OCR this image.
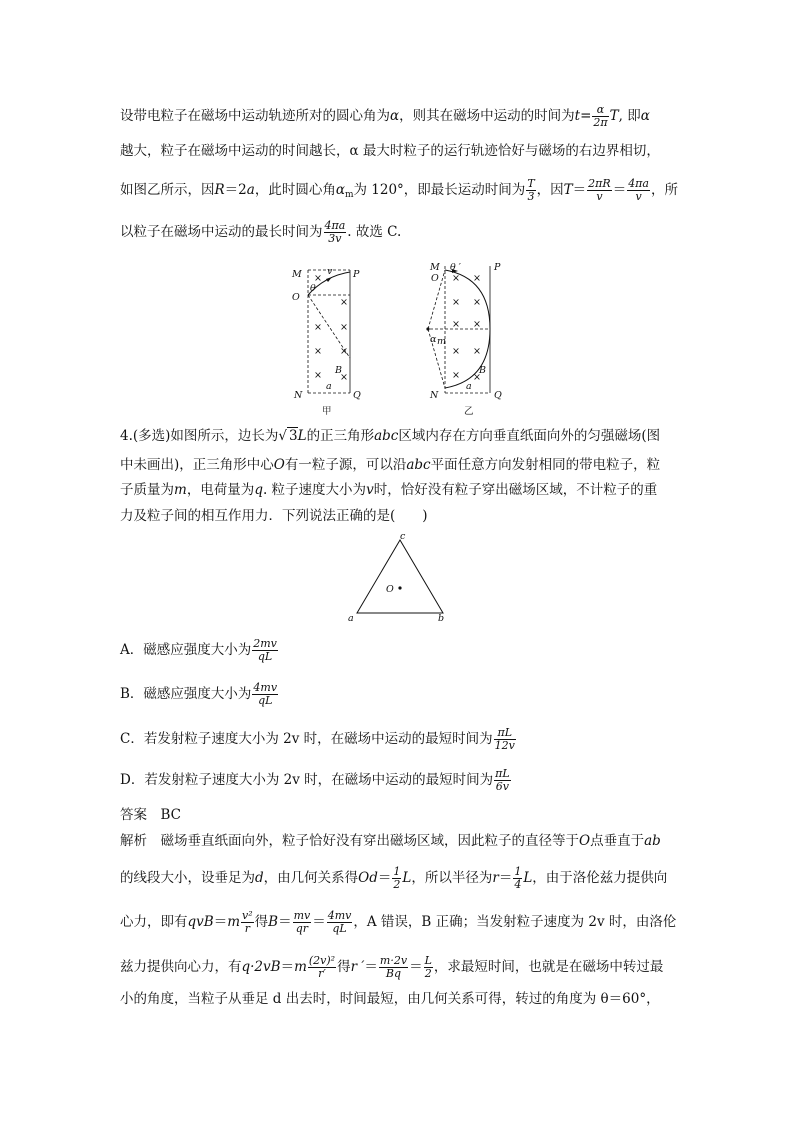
设带电粒子在磁场中运动轨迹所对的圆心角为α，则其在磁场中运动的时间为$t= \frac{\alpha}{2\pi} T$, 即α
越大，粒子在磁场中运动的时间越长，α 最大时粒子的运行轨迹恰好与磁场的右边界相切，
如图乙所示，因R＝2a，此时圆心角$\alpha_m$为 120°，即最长运动时间为 $\frac{T}{3}$ ，因$T= \frac{2\pi R}{v} = \frac{4\pi a}{v}$ ，所
以粒子在磁场中运动的最长时间为 $\frac{4\pi a}{3v}$ . 故选 C.
M	P
O
θ
v
N	Q
B
a
甲
×
×
× ×
× ×
× ×
M	P
O
θ ′
α m
N	Q
B
a
乙
× ×
× ×
× ×
× ×
× ×
4.(多选)如图所示，边长为√ 3L的正三角形abc区域内存在方向垂直纸面向外的匀强磁场(图
中未画出)，正三角形中心O有一粒子源，可以沿abc平面任意方向发射相同的带电粒子，粒
子质量为m，电荷量为q. 粒子速度大小为v时，恰好没有粒子穿出磁场区域，不计粒子的重
力及粒子间的相互作用力．下列说法正确的是(　　)
c
a	b
O
A．磁感应强度大小为 $\frac{2mv}{qL}$
B．磁感应强度大小为 $\frac{4mv}{qL}$
C．若发射粒子速度大小为 2v 时，在磁场中运动的最短时间为 $\frac{\pi L}{12v}$
D．若发射粒子速度大小为 2v 时，在磁场中运动的最短时间为 $\frac{\pi L}{6v}$
答案　BC
解析　磁场垂直纸面向外，粒子恰好没有穿出磁场区域，因此粒子的直径等于O点垂直于ab
的线段大小，设垂足为d，由几何关系得$Od= \frac{1}{2}$ L，所以半径为$r= \frac{1}{4}$ L，由于洛伦兹力提供向
心力，即有$qvB=m \frac{\text{v²}}{r}$ 得$B= \frac{mv}{qr} = \frac{4mv}{qL}$ ，A 错误，B 正确；当发射粒子速度为 2v 时，由洛伦
兹力提供向心力，有$q\cdot 2vB=m \frac{\text{(2v)²}}{r'}$ 得r ′＝ $\frac{m\cdot 2v}{Bq} = \frac{L}{2}$ ，求最短时间，也就是在磁场中转过最
小的角度，当粒子从垂足 d 出去时，时间最短，由几何关系可得，转过的角度为 θ＝60°，
